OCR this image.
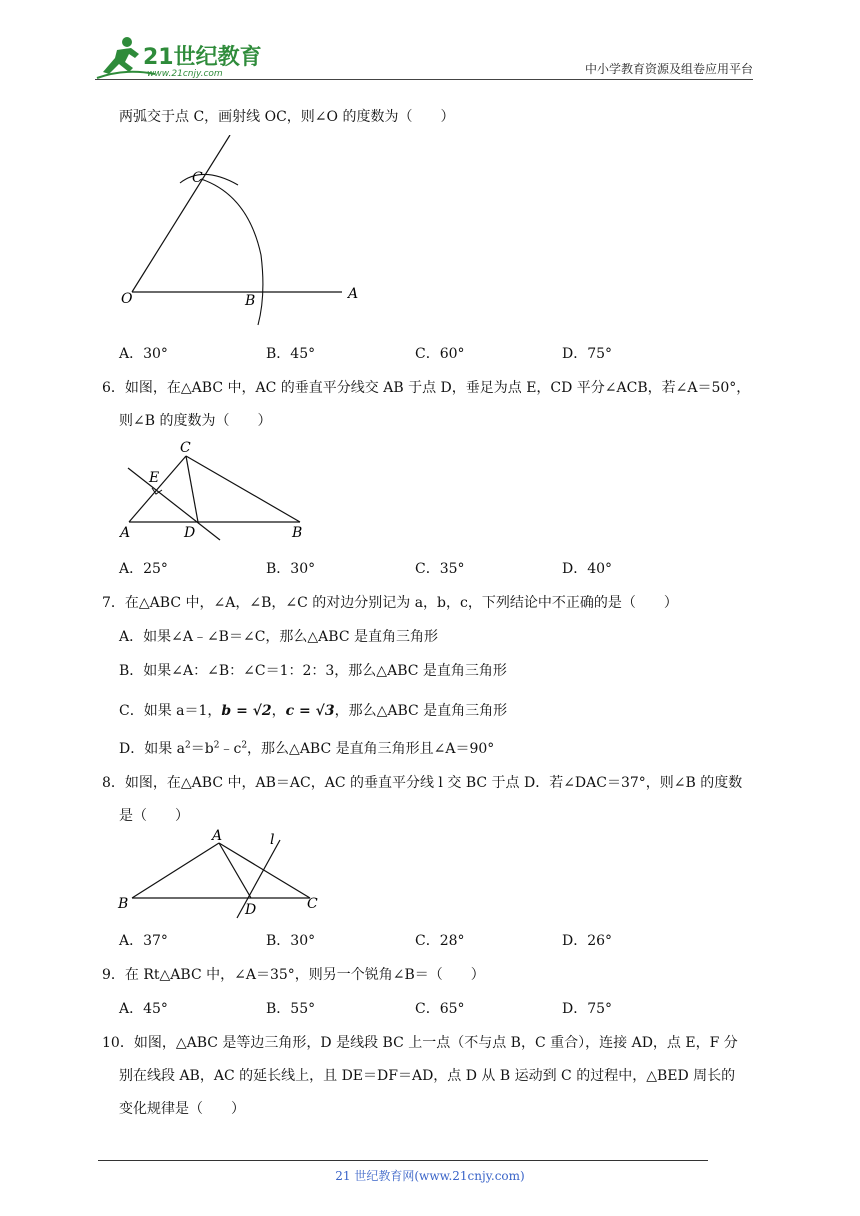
21世纪教育
www.21cnjy.com	中小学教育资源及组卷应用平台
两弧交于点 C，画射线 OC，则∠O 的度数为（　　）
C
O	B	A
A．30°	B．45°	C．60°	D．75°
6．如图，在△ABC 中，AC 的垂直平分线交 AB 于点 D，垂足为点 E，CD 平分∠ACB，若∠A＝50°，
则∠B 的度数为（　　）
C
E
A	D	B
A．25°	B．30°	C．35°	D．40°
7．在△ABC 中，∠A，∠B，∠C 的对边分别记为 a，b，c，下列结论中不正确的是（　　）
A．如果∠A﹣∠B＝∠C，那么△ABC 是直角三角形
B．如果∠A：∠B：∠C＝1：2：3，那么△ABC 是直角三角形
C．如果 a＝1，b = √2，c = √3，那么△ABC 是直角三角形
D．如果 $a^2=b^2﹣c^2$，那么△ABC 是直角三角形且∠A＝90°
8．如图，在△ABC 中，AB＝AC，AC 的垂直平分线 l 交 BC 于点 D．若∠DAC＝37°，则∠B 的度数
是（　　）
A	l
B	D	C
A．37°	B．30°	C．28°	D．26°
9．在 Rt△ABC 中，∠A＝35°，则另一个锐角∠B＝（　　）
A．45°	B．55°	C．65°	D．75°
10．如图，△ABC 是等边三角形，D 是线段 BC 上一点（不与点 B，C 重合），连接 AD，点 E，F 分
别在线段 AB，AC 的延长线上，且 DE＝DF＝AD，点 D 从 B 运动到 C 的过程中，△BED 周长的
变化规律是（　　）
21 世纪教育网(www.21cnjy.com)
